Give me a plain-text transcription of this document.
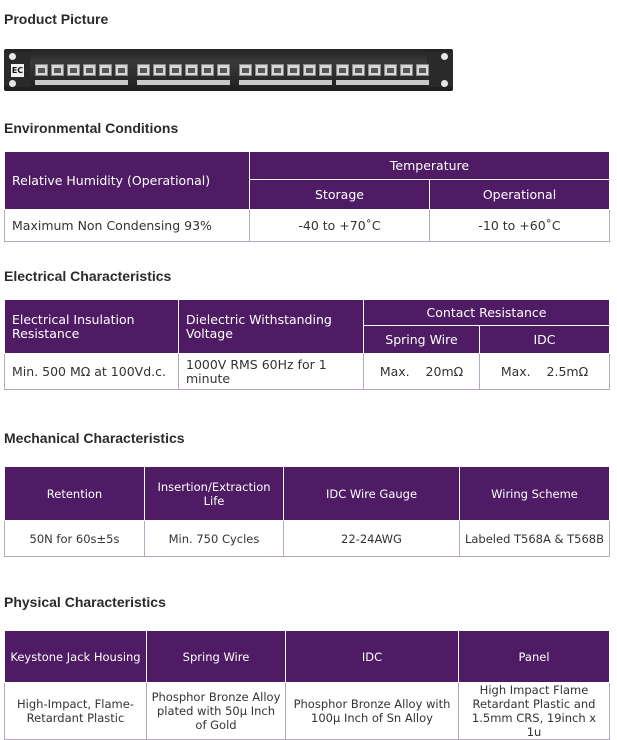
Product Picture
EC
Environmental Conditions
Relative Humidity (Operational)	Temperature	
	Storage	Operational
Maximum Non Condensing 93%	-40 to +70˚C	-10 to +60˚C
Electrical Characteristics
Electrical Insulation Resistance	Dielectric Withstanding Voltage	Contact Resistance	
		Spring Wire	IDC
Min. 500 MΩ at 100Vd.c.	1000V RMS 60Hz for 1 minute	Max.    20mΩ	Max.    2.5mΩ
Mechanical Characteristics
Retention	Insertion/Extraction Life	IDC Wire Gauge	Wiring Scheme
50N for 60s±5s	Min. 750 Cycles	22-24AWG	Labeled T568A & T568B
Physical Characteristics
Keystone Jack Housing	Spring Wire	IDC	Panel
High-Impact, Flame-Retardant Plastic	Phosphor Bronze Alloy plated with 50μ Inch of Gold	Phosphor Bronze Alloy with 100μ Inch of Sn Alloy	High Impact Flame Retardant Plastic and 1.5mm CRS, 19inch x 1u
